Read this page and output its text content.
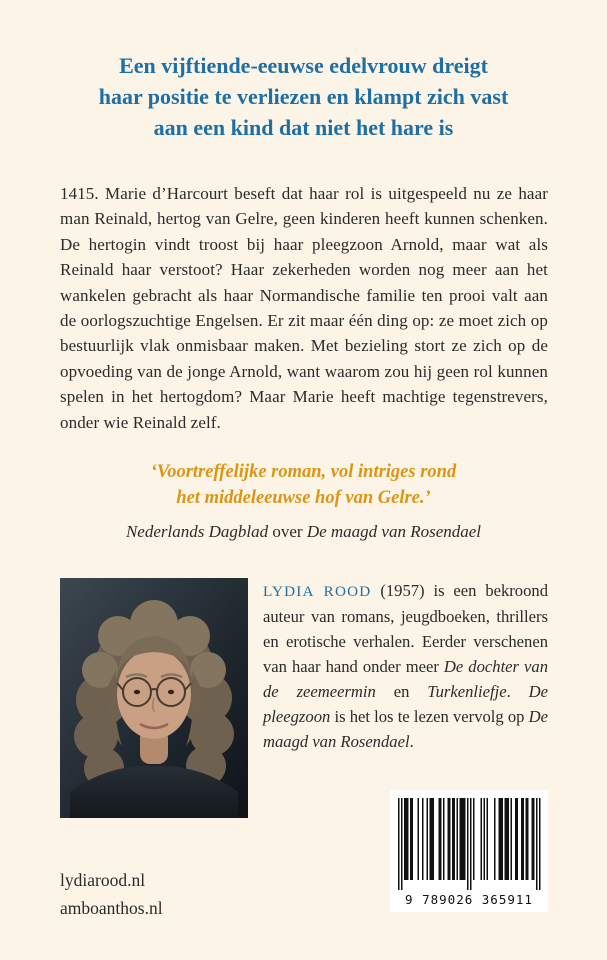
Een vijftiende-eeuwse edelvrouw dreigt
haar positie te verliezen en klampt zich vast
aan een kind dat niet het hare is

1415. Marie d’Harcourt beseft dat haar rol is uitgespeeld nu ze haar man Reinald, hertog van Gelre, geen kinderen heeft kunnen schenken. De hertogin vindt troost bij haar pleegzoon Arnold, maar wat als Reinald haar verstoot? Haar zekerheden worden nog meer aan het wankelen gebracht als haar Normandische familie ten prooi valt aan de oorlogszuchtige Engelsen. Er zit maar één ding op: ze moet zich op bestuurlijk vlak onmisbaar maken. Met bezieling stort ze zich op de opvoeding van de jonge Arnold, want waarom zou hij geen rol kunnen spelen in het hertogdom? Maar Marie heeft machtige tegenstrevers, onder wie Reinald zelf.

‘Voortreffelijke roman, vol intriges rond
het middeleeuwse hof van Gelre.’

Nederlands Dagblad over De maagd van Rosendael

LYDIA ROOD (1957) is een bekroond auteur van romans, jeugdboeken, thrillers en erotische verhalen. Eerder verschenen van haar hand onder meer De dochter van de zeemeermin en Turkenliefje. De pleegzoon is het los te lezen vervolg op De maagd van Rosendael.

lydiarood.nl
amboanthos.nl	9 789026 365911
